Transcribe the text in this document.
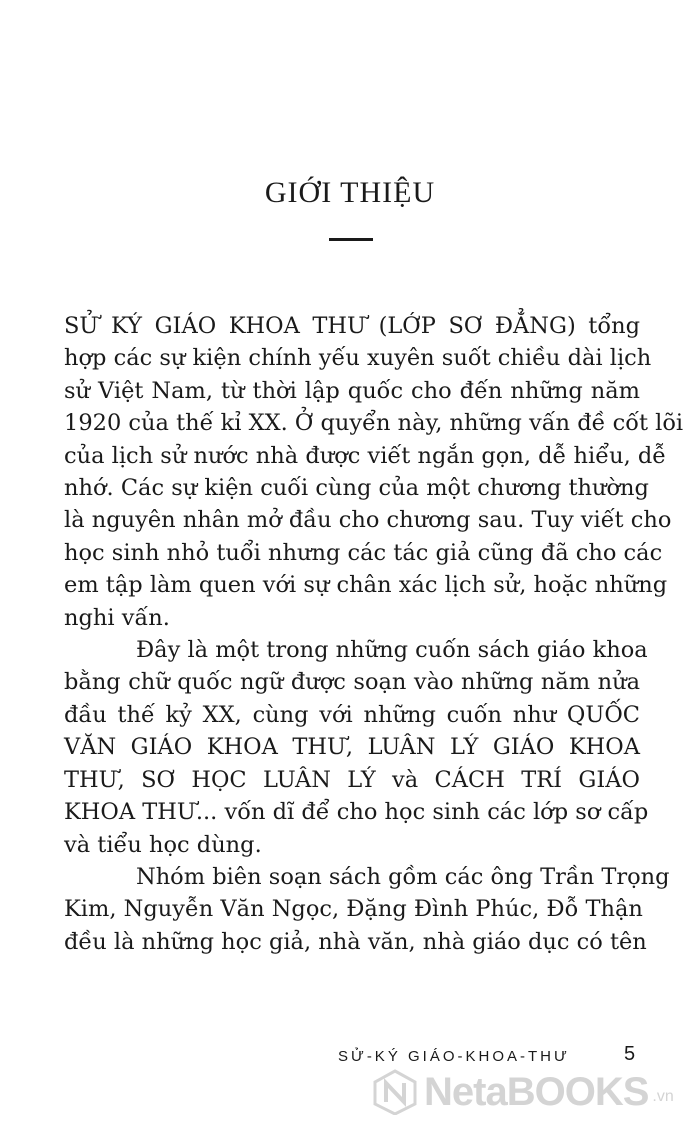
GIỚI THIỆU
SỬ KÝ GIÁO KHOA THƯ (LỚP SƠ ĐẲNG) tổng
hợp các sự kiện chính yếu xuyên suốt chiều dài lịch
sử Việt Nam, từ thời lập quốc cho đến những năm
1920 của thế kỉ XX. Ở quyển này, những vấn đề cốt lõi
của lịch sử nước nhà được viết ngắn gọn, dễ hiểu, dễ
nhớ. Các sự kiện cuối cùng của một chương thường
là nguyên nhân mở đầu cho chương sau. Tuy viết cho
học sinh nhỏ tuổi nhưng các tác giả cũng đã cho các
em tập làm quen với sự chân xác lịch sử, hoặc những
nghi vấn.
Đây là một trong những cuốn sách giáo khoa
bằng chữ quốc ngữ được soạn vào những năm nửa
đầu thế kỷ XX, cùng với những cuốn như QUỐC
VĂN GIÁO KHOA THƯ, LUÂN LÝ GIÁO KHOA
THƯ, SƠ HỌC LUÂN LÝ và CÁCH TRÍ GIÁO
KHOA THƯ... vốn dĩ để cho học sinh các lớp sơ cấp
và tiểu học dùng.
Nhóm biên soạn sách gồm các ông Trần Trọng
Kim, Nguyễn Văn Ngọc, Đặng Đình Phúc, Đỗ Thận
đều là những học giả, nhà văn, nhà giáo dục có tên
SỬ-KÝ GIÁO-KHOA-THƯ	5
NetaBOOKS .vn
